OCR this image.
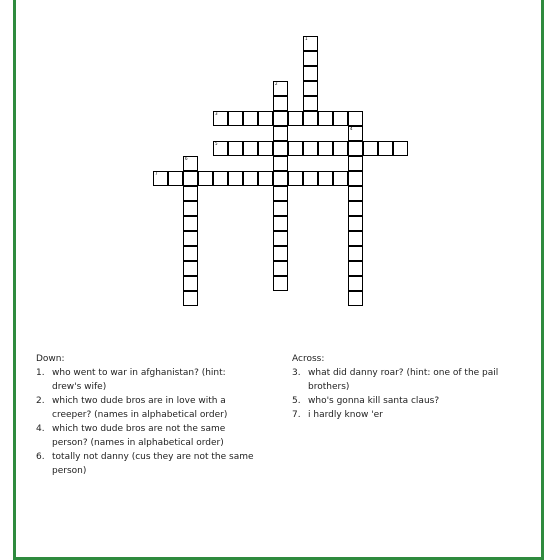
1
2
3
4
5
6
7
Down:
1. who went to war in afghanistan? (hint: drew's wife)
2. which two dude bros are in love with a creeper? (names in alphabetical order)
4. which two dude bros are not the same person? (names in alphabetical order)
6. totally not danny (cus they are not the same person)
Across:
3. what did danny roar? (hint: one of the pail brothers)
5. who's gonna kill santa claus?
7. i hardly know 'er
